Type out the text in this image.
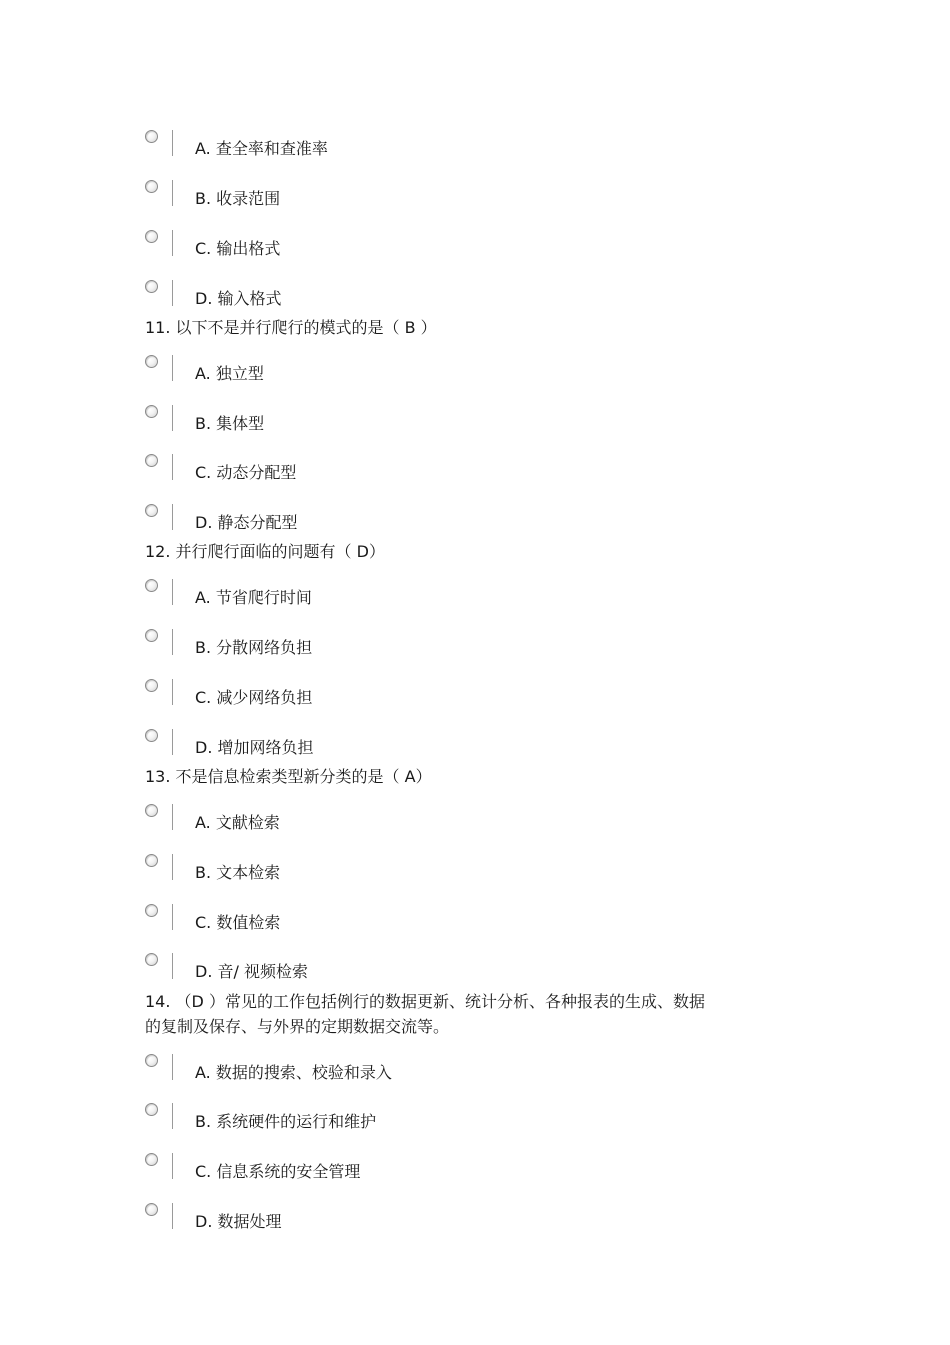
A. 查全率和查准率
B. 收录范围
C. 输出格式
D. 输入格式
11. 以下不是并行爬行的模式的是（ B ）
A. 独立型
B. 集体型
C. 动态分配型
D. 静态分配型
12. 并行爬行面临的问题有（ D）
A. 节省爬行时间
B. 分散网络负担
C. 减少网络负担
D. 增加网络负担
13. 不是信息检索类型新分类的是（ A）
A. 文献检索
B. 文本检索
C. 数值检索
D. 音/ 视频检索
14. （D ）常见的工作包括例行的数据更新、统计分析、各种报表的生成、数据
的复制及保存、与外界的定期数据交流等。
A. 数据的搜索、校验和录入
B. 系统硬件的运行和维护
C. 信息系统的安全管理
D. 数据处理
